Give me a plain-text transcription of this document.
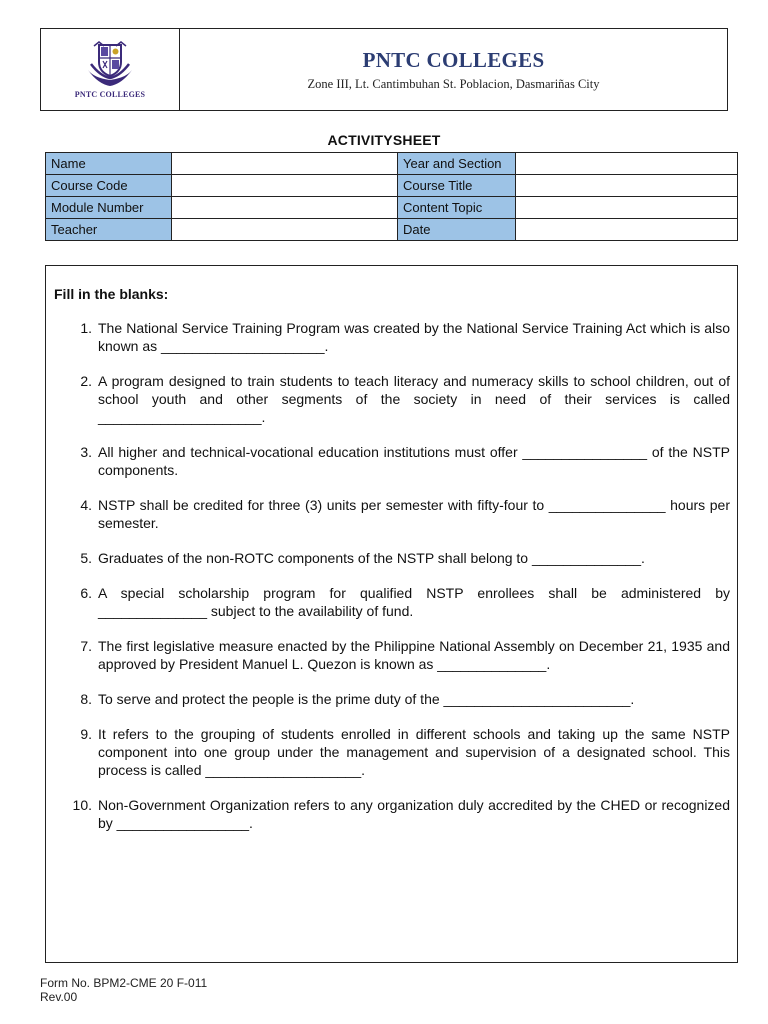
PNTC COLLEGES
PNTC COLLEGES
Zone III, Lt. Cantimbuhan St. Poblacion, Dasmariñas City
ACTIVITYSHEET
Name		Year and Section	
Course Code		Course Title	
Module Number		Content Topic	
Teacher		Date	
Fill in the blanks:
1. The National Service Training Program was created by the National Service Training Act which is also known as _____________________.
2. A program designed to train students to teach literacy and numeracy skills to school children, out of school youth and other segments of the society in need of their services is called _____________________.
3. All higher and technical-vocational education institutions must offer ________________ of the NSTP components.
4. NSTP shall be credited for three (3) units per semester with fifty-four to _______________ hours per semester.
5. Graduates of the non-ROTC components of the NSTP shall belong to ______________.
6. A special scholarship program for qualified NSTP enrollees shall be administered by ______________ subject to the availability of fund.
7. The first legislative measure enacted by the Philippine National Assembly on December 21, 1935 and approved by President Manuel L. Quezon is known as ______________.
8. To serve and protect the people is the prime duty of the ________________________.
9. It refers to the grouping of students enrolled in different schools and taking up the same NSTP component into one group under the management and supervision of a designated school. This process is called ____________________.
10. Non-Government Organization refers to any organization duly accredited by the CHED or recognized by _________________.
Form No. BPM2-CME 20 F-011
Rev.00
